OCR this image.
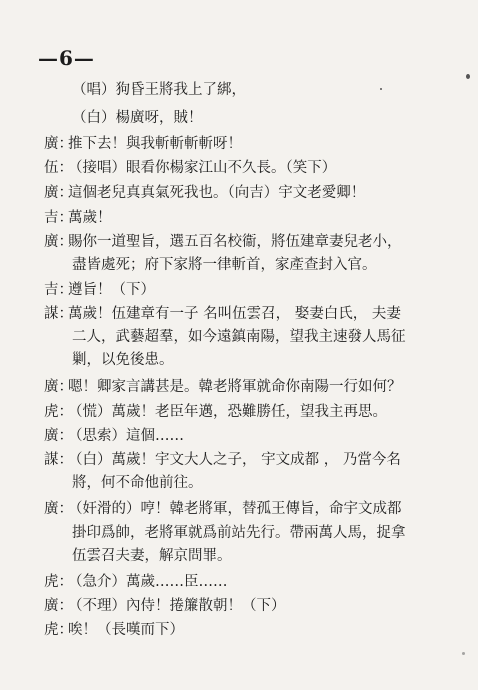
—6—
（唱）狗昏王將我上了綁，
（白）楊廣呀，賊！
廣：推下去！與我斬斬斬斬呀！
伍：（接唱）眼看你楊家江山不久長。（笑下）
廣：這個老兒真真氣死我也。（向吉）宇文老愛卿！
吉：萬歲！
廣：賜你一道聖旨，選五百名校衞，將伍建章妻兒老小，
盡皆處死；府下家將一律斬首，家產查封入官。
吉：遵旨！（下）
謀：萬歲！伍建章有一子 名叫伍雲召， 娶妻白氏， 夫妻
二人，武藝超羣，如今遠鎮南陽，望我主速發人馬征
剿，以免後患。
廣：嗯！卿家言講甚是。韓老將軍就命你南陽一行如何？
虎：（慌）萬歲！老臣年邁，恐難勝任，望我主再思。
廣：（思索）這個……
謀：（白）萬歲！宇文大人之子， 宇文成都 ， 乃當今名
將，何不命他前往。
廣：（奸滑的）哼！韓老將軍，替孤王傳旨，命宇文成都
掛印爲帥，老將軍就爲前站先行。帶兩萬人馬，捉拿
伍雲召夫妻，解京問罪。
虎：（急介）萬歲……臣……
廣：（不理）內侍！捲簾散朝！（下）
虎：唉！（長嘆而下）
